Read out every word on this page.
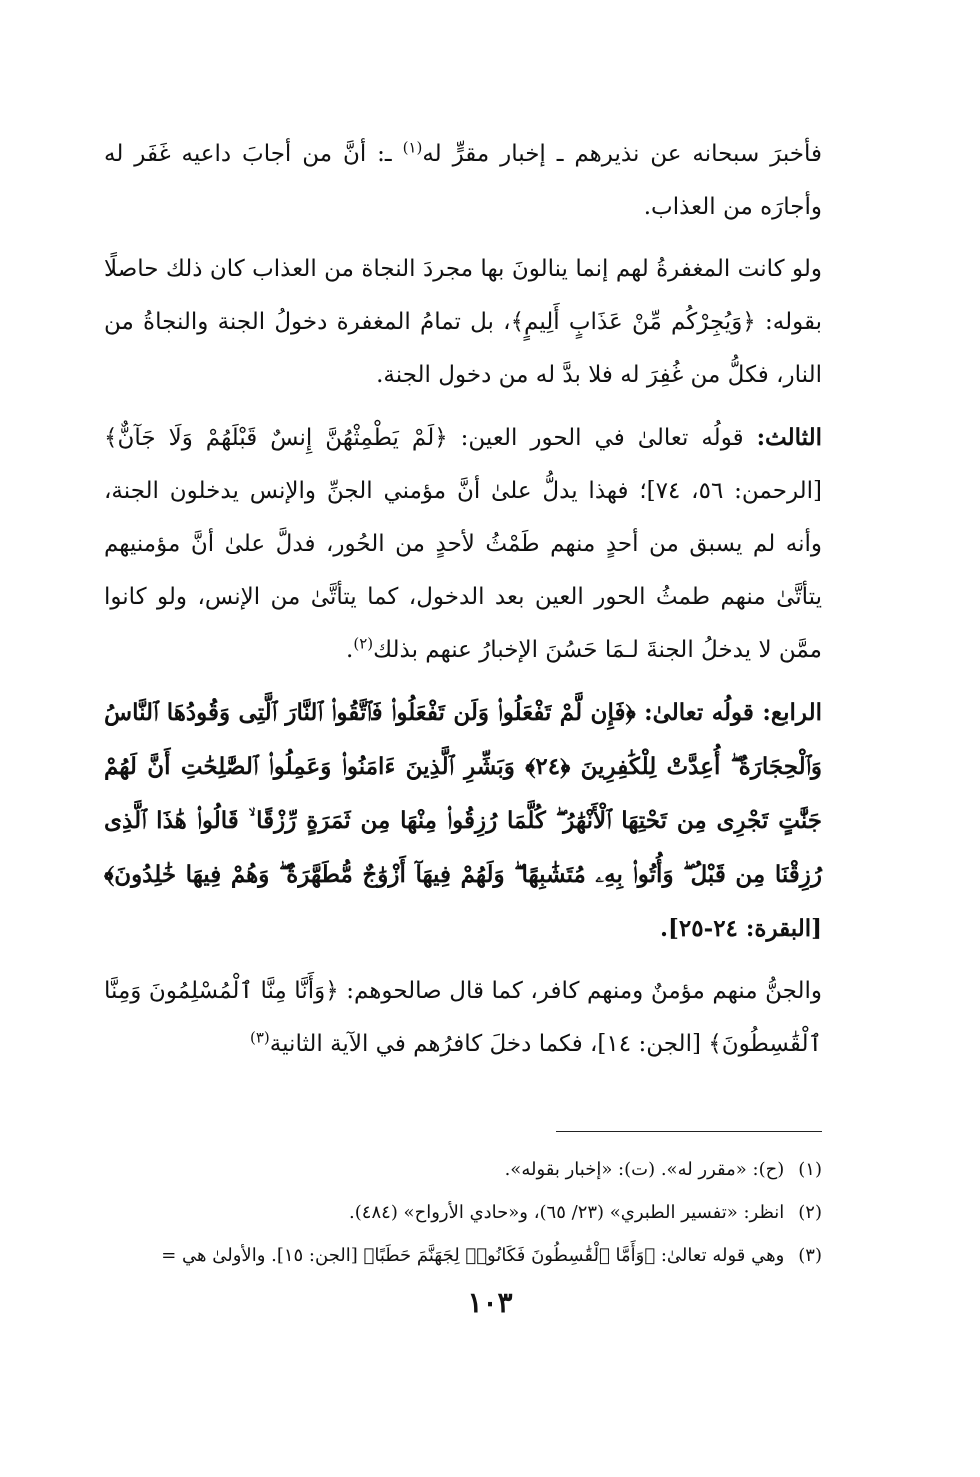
فأخبرَ سبحانه عن نذيرهم ـ إخبار مقرٍّ له$^{(١)}$ ـ: أنَّ من أجابَ داعيه غَفَر له وأجارَه من العذاب.

ولو كانت المغفرةُ لهم إنما ينالونَ بها مجردَ النجاة من العذاب كان ذلك حاصلًا بقوله: ﴿وَيُجِرْكُم مِّنْ عَذَابٍ أَلِيمٍ﴾، بل تمامُ المغفرة دخولُ الجنة والنجاةُ من النار، فكلُّ من غُفِرَ له فلا بدَّ له من دخول الجنة.

الثالث: قولُه تعالىٰ في الحور العين: ﴿لَمْ يَطْمِثْهُنَّ إِنسٌ قَبْلَهُمْ وَلَا جَآنٌّ﴾ [الرحمن: ٥٦، ٧٤]؛ فهذا يدلُّ علىٰ أنَّ مؤمني الجنِّ والإنس يدخلون الجنة، وأنه لم يسبق من أحدٍ منهم طَمْثُ لأحدٍ من الحُور، فدلَّ علىٰ أنَّ مؤمنيهم يتأتَّىٰ منهم طمثُ الحور العين بعد الدخول، كما يتأتَّىٰ من الإنس، ولو كانوا ممَّن لا يدخلُ الجنةَ لـمَا حَسُنَ الإخبارُ عنهم بذلك$^{(٢)}$.

الرابع: قولُه تعالىٰ: ﴿فَإِن لَّمْ تَفْعَلُوا۟ وَلَن تَفْعَلُوا۟ فَٱتَّقُوا۟ ٱلنَّارَ ٱلَّتِى وَقُودُهَا ٱلنَّاسُ وَٱلْحِجَارَةُ ۖ أُعِدَّتْ لِلْكَٰفِرِينَ ﴿٢٤﴾ وَبَشِّرِ ٱلَّذِينَ ءَامَنُوا۟ وَعَمِلُوا۟ ٱلصَّٰلِحَٰتِ أَنَّ لَهُمْ جَنَّٰتٍ تَجْرِى مِن تَحْتِهَا ٱلْأَنْهَٰرُ ۖ كُلَّمَا رُزِقُوا۟ مِنْهَا مِن ثَمَرَةٍ رِّزْقًا ۙ قَالُوا۟ هَٰذَا ٱلَّذِى رُزِقْنَا مِن قَبْلُ ۖ وَأُتُوا۟ بِهِۦ مُتَشَٰبِهًا ۖ وَلَهُمْ فِيهَآ أَزْوَٰجٌ مُّطَهَّرَةٌ ۖ وَهُمْ فِيهَا خَٰلِدُونَ﴾ [البقرة: ٢٤-٢٥].

والجنُّ منهم مؤمنٌ ومنهم كافر، كما قال صالحوهم: ﴿وَأَنَّا مِنَّا ٱلْمُسْلِمُونَ وَمِنَّا ٱلْقَٰسِطُونَ﴾ [الجن: ١٤]، فكما دخلَ كافرُهم في الآية الثانية$^{(٣)}$

(١)
(ح): «مقرر له». (ت): «إخبار بقوله».
(٢)
انظر: «تفسير الطبري» (٢٣/ ٦٥)، و«حادي الأرواح» (٤٨٤).
(٣)
وهي قوله تعالىٰ: ﴿وَأَمَّا ٱلْقَٰسِطُونَ فَكَانُوا۟ لِجَهَنَّمَ حَطَبًا﴾ [الجن: ١٥]. والأولىٰ هي =
١٠٣
